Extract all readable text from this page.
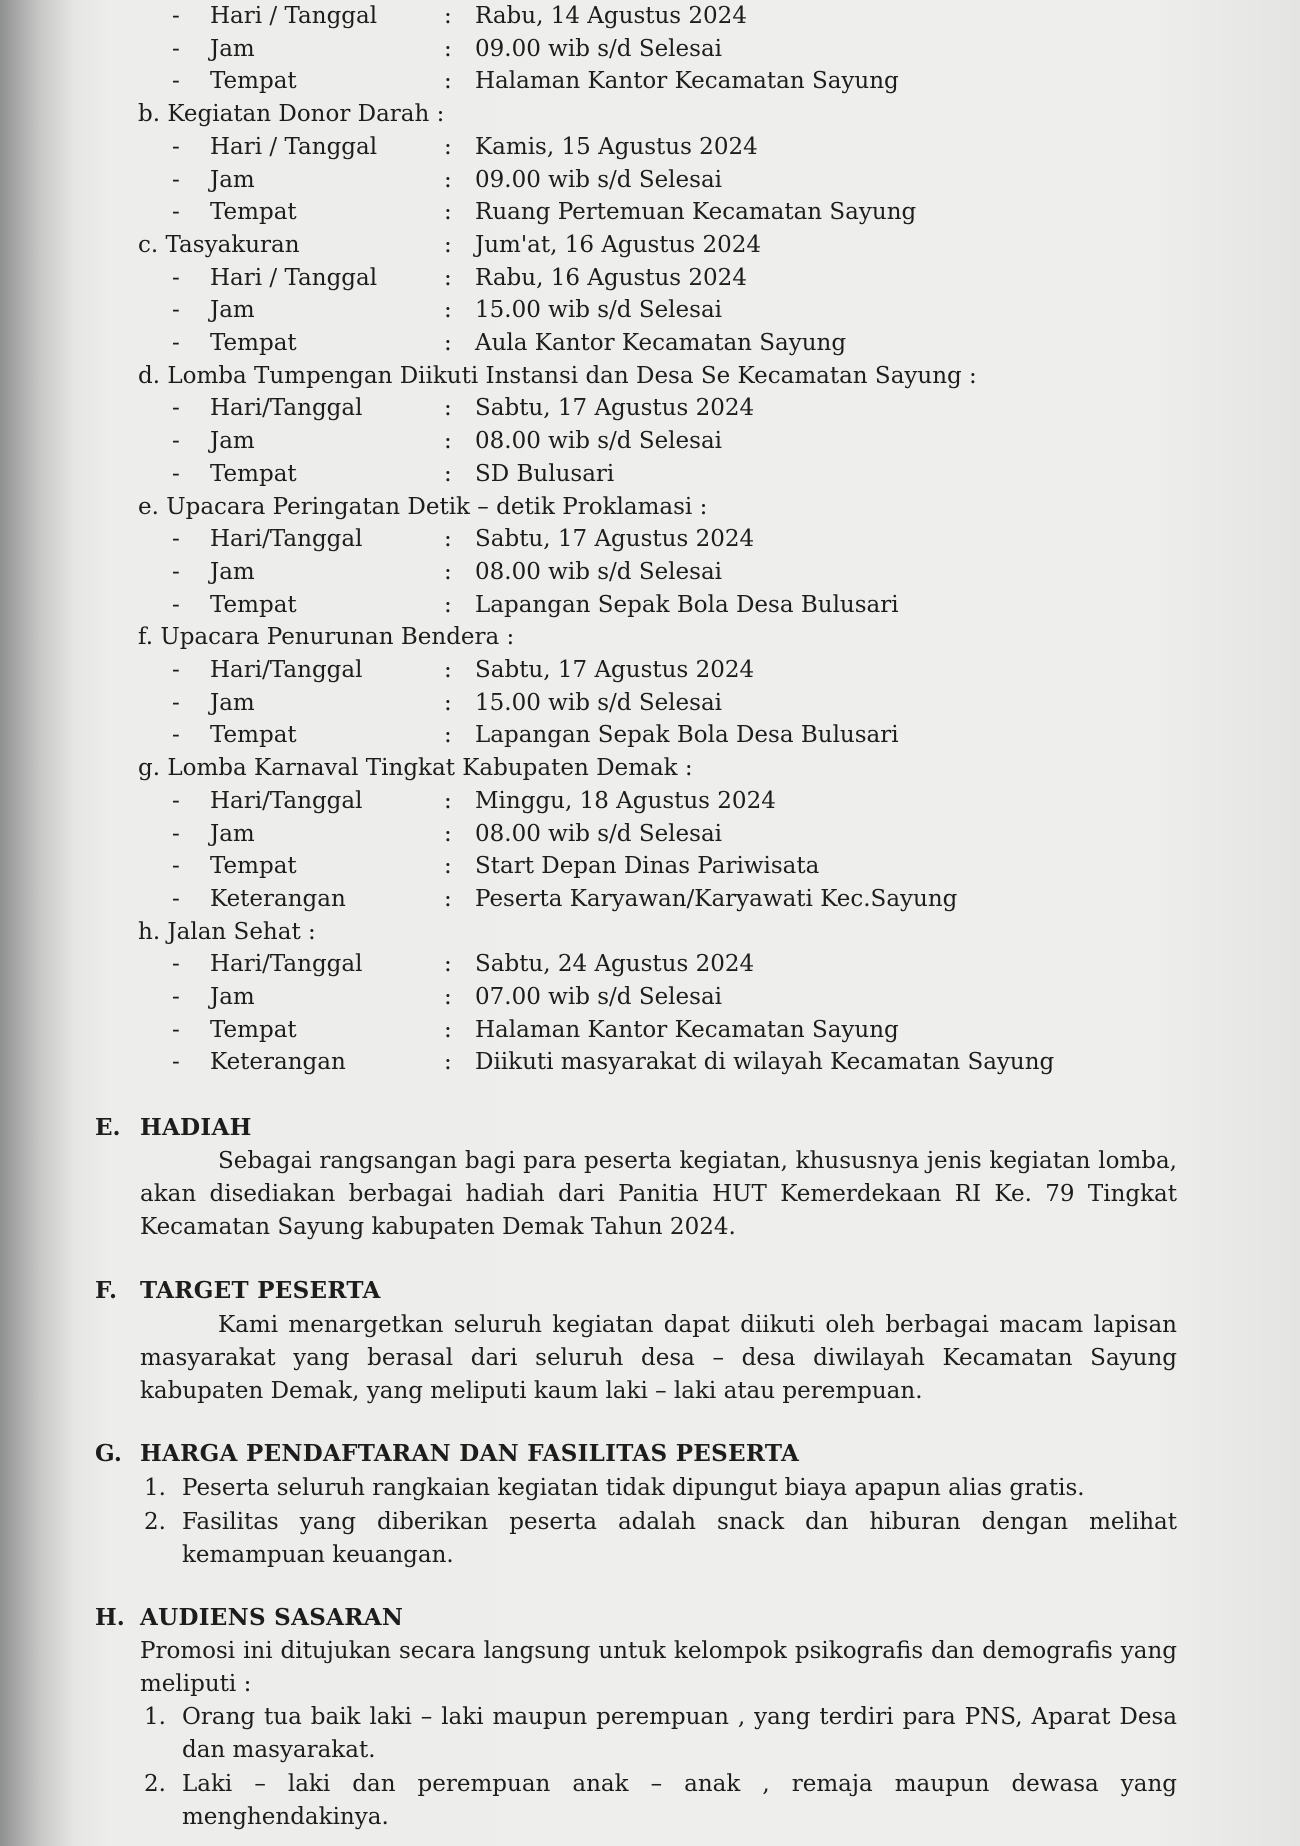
- Hari / Tanggal	: Rabu, 14 Agustus 2024
- Jam	: 09.00 wib s/d Selesai
- Tempat	: Halaman Kantor Kecamatan Sayung
b. Kegiatan Donor Darah :
- Hari / Tanggal	: Kamis, 15 Agustus 2024
- Jam	: 09.00 wib s/d Selesai
- Tempat	: Ruang Pertemuan Kecamatan Sayung
c. Tasyakuran	: Jum'at, 16 Agustus 2024
- Hari / Tanggal	: Rabu, 16 Agustus 2024
- Jam	: 15.00 wib s/d Selesai
- Tempat	: Aula Kantor Kecamatan Sayung
d. Lomba Tumpengan Diikuti Instansi dan Desa Se Kecamatan Sayung :
- Hari/Tanggal	: Sabtu, 17 Agustus 2024
- Jam	: 08.00 wib s/d Selesai
- Tempat	: SD Bulusari
e. Upacara Peringatan Detik – detik Proklamasi :
- Hari/Tanggal	: Sabtu, 17 Agustus 2024
- Jam	: 08.00 wib s/d Selesai
- Tempat	: Lapangan Sepak Bola Desa Bulusari
f. Upacara Penurunan Bendera :
- Hari/Tanggal	: Sabtu, 17 Agustus 2024
- Jam	: 15.00 wib s/d Selesai
- Tempat	: Lapangan Sepak Bola Desa Bulusari
g. Lomba Karnaval Tingkat Kabupaten Demak :
- Hari/Tanggal	: Minggu, 18 Agustus 2024
- Jam	: 08.00 wib s/d Selesai
- Tempat	: Start Depan Dinas Pariwisata
- Keterangan	: Peserta Karyawan/Karyawati Kec.Sayung
h. Jalan Sehat :
- Hari/Tanggal	: Sabtu, 24 Agustus 2024
- Jam	: 07.00 wib s/d Selesai
- Tempat	: Halaman Kantor Kecamatan Sayung
- Keterangan	: Diikuti masyarakat di wilayah Kecamatan Sayung
E. HADIAH
Sebagai rangsangan bagi para peserta kegiatan, khususnya jenis kegiatan lomba, akan disediakan berbagai hadiah dari Panitia HUT Kemerdekaan RI Ke. 79 Tingkat Kecamatan Sayung kabupaten Demak Tahun 2024.
F. TARGET PESERTA
Kami menargetkan seluruh kegiatan dapat diikuti oleh berbagai macam lapisan masyarakat yang berasal dari seluruh desa – desa diwilayah Kecamatan Sayung kabupaten Demak, yang meliputi kaum laki – laki atau perempuan.
G. HARGA PENDAFTARAN DAN FASILITAS PESERTA
1. Peserta seluruh rangkaian kegiatan tidak dipungut biaya apapun alias gratis.
2. Fasilitas yang diberikan peserta adalah snack dan hiburan dengan melihat kemampuan keuangan.
H. AUDIENS SASARAN
Promosi ini ditujukan secara langsung untuk kelompok psikografis dan demografis yang meliputi :
1. Orang tua baik laki – laki maupun perempuan , yang terdiri para PNS, Aparat Desa dan masyarakat.
2. Laki – laki dan perempuan anak – anak , remaja maupun dewasa yang menghendakinya.
